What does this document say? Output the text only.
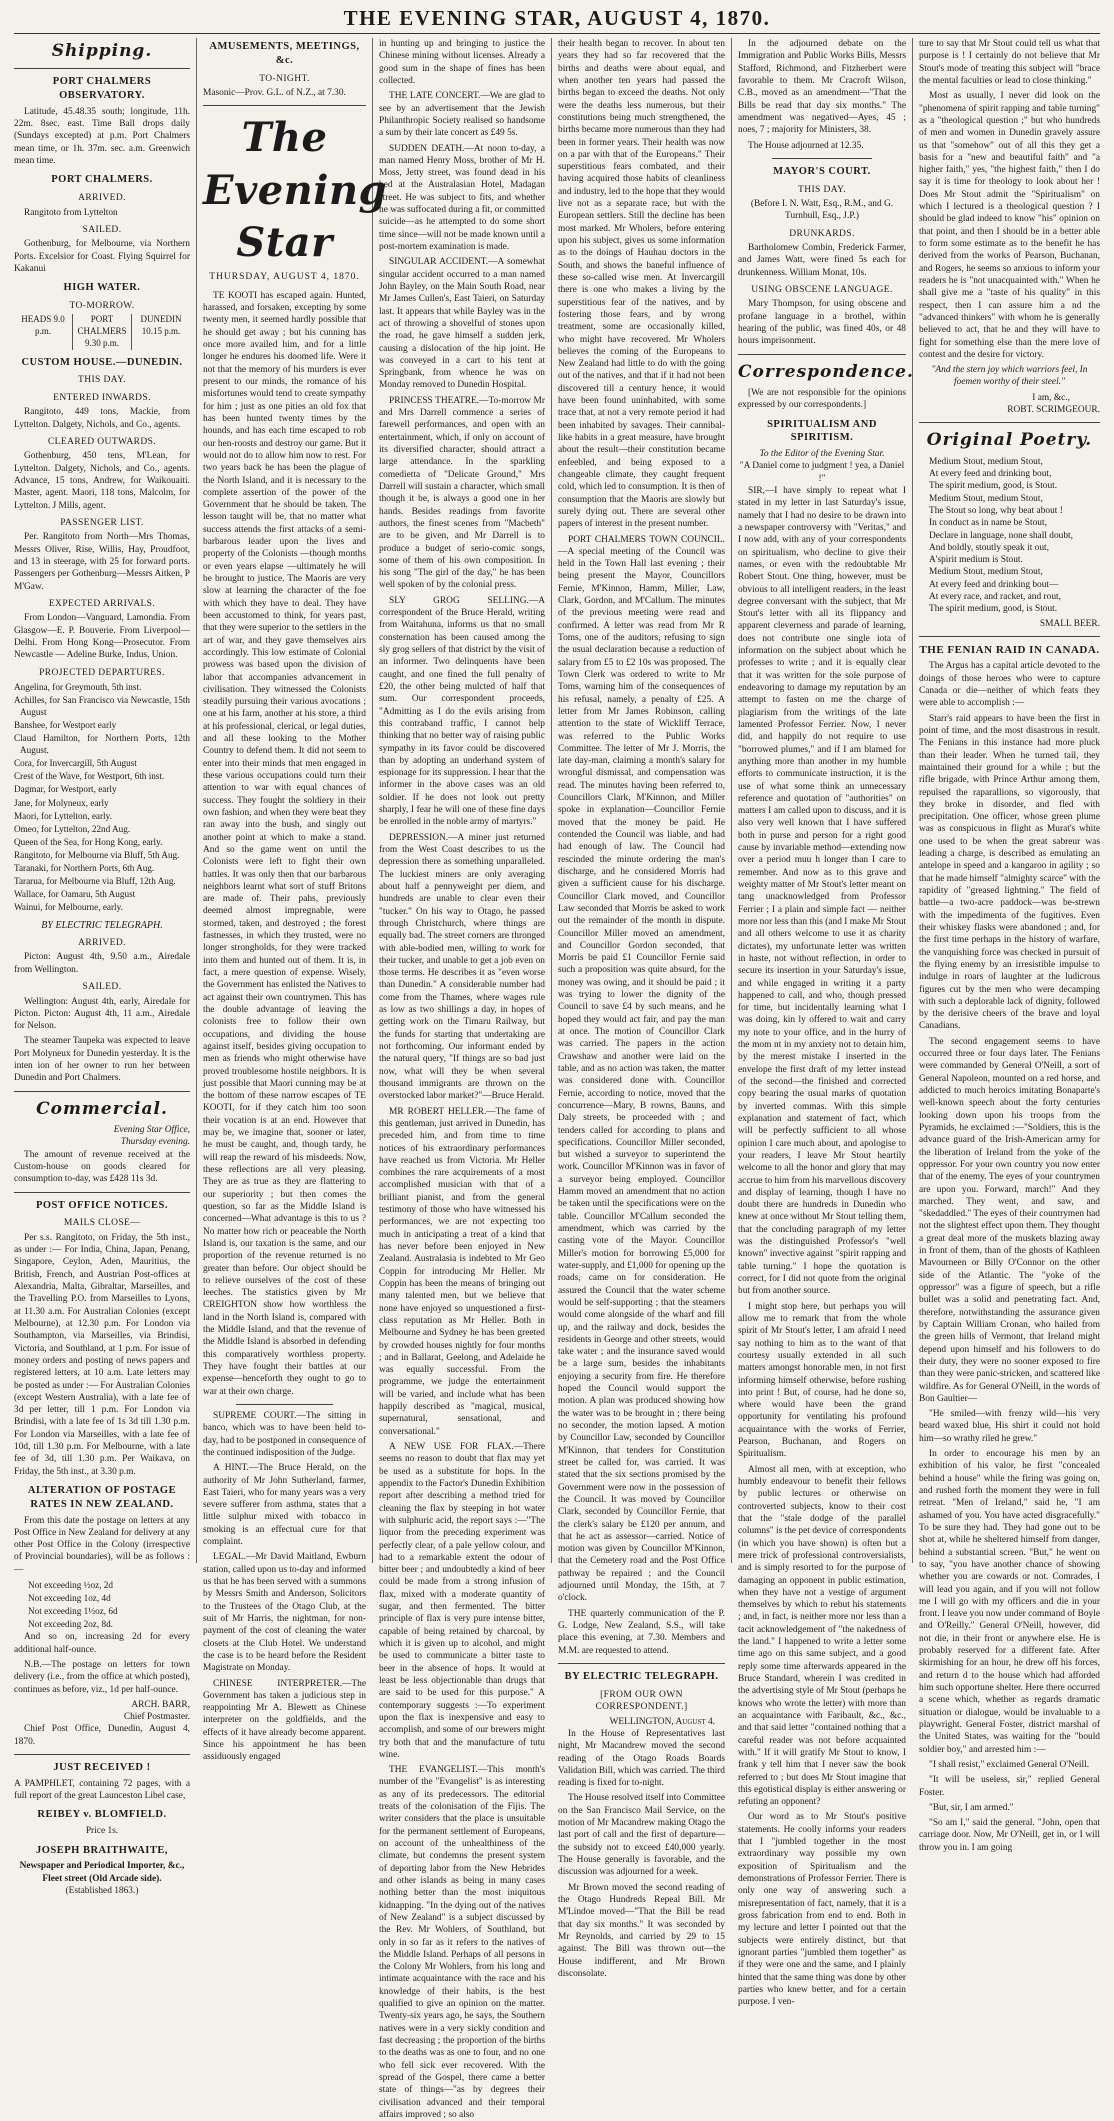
THE EVENING STAR, AUGUST 4, 1870.
Shipping.
PORT CHALMERS OBSERVATORY.

Latitude, 45.48.35 south; longitude, 11h. 22m. 8sec. east. Time Ball drops daily (Sundays excepted) at p.m. Port Chalmers mean time, or 1h. 37m. sec. a.m. Greenwich mean time.

PORT CHALMERS.
ARRIVED.

Rangitoto from Lyttelton

SAILED.

Gothenburg, for Melbourne, via Northern Ports. Excelsior for Coast. Flying Squirrel for Kakanui

HIGH WATER.
TO-MORROW.
HEADS 9.0 p.m.
PORT CHALMERS 9.30 p.m.
DUNEDIN 10.15 p.m.
CUSTOM HOUSE.—DUNEDIN.
THIS DAY.
ENTERED INWARDS.

Rangitoto, 449 tons, Mackie, from Lyttelton. Dalgety, Nichols, and Co., agents.

CLEARED OUTWARDS.

Gothenburg, 450 tens, M'Lean, for Lyttelton. Dalgety, Nichols, and Co., agents. Advance, 15 tons, Andrew, for Waikouaiti. Master, agent. Maori, 118 tons, Malcolm, for Lyttelton. J Mills, agent.

PASSENGER LIST.

Per. Rangitoto from North—Mrs Thomas, Messrs Oliver, Rise, Willis, Hay, Proudfoot, and 13 in steerage, with 25 for forward ports. Passengers per Gothenburg—Messrs Aitken, P M'Gaw.

EXPECTED ARRIVALS.

From London—Vanguard, Lamondia. From Glasgow—E. P. Bouverie. From Liverpool—Delhi. From Hong Kong—Prosecutor. From Newcastle — Adeline Burke, Indus, Union.

PROJECTED DEPARTURES.
Angelina, for Greymouth, 5th inst.
Achilles, for San Francisco via Newcastle, 15th August
Banshee, for Westport early
Claud Hamilton, for Northern Ports, 12th August.
Cora, for Invercargill, 5th August
Crest of the Wave, for Westport, 6th inst.
Dagmar, for Westport, early
Jane, for Molyneux, early
Maori, for Lyttelton, early.
Omeo, for Lyttelton, 22nd Aug.
Queen of the Sea, for Hong Kong, early.
Rangitoto, for Melbourne via Bluff, 5th Aug.
Taranaki, for Northern Ports, 6th Aug.
Tararua, for Melbourne via Bluff, 12th Aug.
Wallace, for Oamaru, 5th August
Wainui, for Melbourne, early.
BY ELECTRIC TELEGRAPH.
ARRIVED.

Picton: August 4th, 9.50 a.m., Airedale from Wellington.

SAILED.

Wellington: August 4th, early, Airedale for Picton. Picton: August 4th, 11 a.m., Airedale for Nelson.

The steamer Taupeka was expected to leave Port Molyneux for Dunedin yesterday. It is the inten ion of her owner to run her between Dunedin and Port Chalmers.

Commercial.
Evening Star Office,
Thursday evening.

The amount of revenue received at the Custom-house on goods cleared for consumption to-day, was £428 11s 3d.

POST OFFICE NOTICES.
MAILS CLOSE—

Per s.s. Rangitoto, on Friday, the 5th inst., as under :— For India, China, Japan, Penang, Singapore, Ceylon, Aden, Mauritius, the British, French, and Austrian Post-offices at Alexandria, Malta, Gibraltar, Marseilles, and the Travelling P.O. from Marseilles to Lyons, at 11.30 a.m. For Australian Colonies (except Melbourne), at 12.30 p.m. For London via Southampton, via Marseilles, via Brindisi, Victoria, and Southland, at 1 p.m. For issue of money orders and posting of news papers and registered letters, at 10 a.m. Late letters may be posted as under :— For Australian Colonies (except Western Australia), with a late fee of 3d per letter, till 1 p.m. For London via Brindisi, with a late fee of 1s 3d till 1.30 p.m. For London via Marseilles, with a late fee of 10d, till 1.30 p.m. For Melbourne, with a late fee of 3d, till 1.30 p.m. Per Waikava, on Friday, the 5th inst., at 3.30 p.m.

ALTERATION OF POSTAGE RATES IN NEW ZEALAND.

From this date the postage on letters at any Post Office in New Zealand for delivery at any other Post Office in the Colony (irrespective of Provincial boundaries), will be as follows :—

Not exceeding ½oz, 2d
Not exceeding 1oz, 4d
Not exceeding 1½oz, 6d
Not exceeding 2oz, 8d.

And so on, increasing 2d for every additional half-ounce.

N.B.—The postage on letters for town delivery (i.e., from the office at which posted), continues as before, viz., 1d per half-ounce.

ARCH. BARR,
Chief Postmaster.

Chief Post Office, Dunedin, August 4, 1870.

JUST RECEIVED !

A PAMPHLET, containing 72 pages, with a full report of the great Launceston Libel case,

REIBEY v. BLOMFIELD.
Price 1s.
JOSEPH BRAITHWAITE,
Newspaper and Periodical Importer, &c., Fleet street (Old Arcade side).
(Established 1863.)
AMUSEMENTS, MEETINGS, &c.
TO-NIGHT.

Masonic—Prov. G.L. of N.Z., at 7.30.

The Evening Star
THURSDAY, AUGUST 4, 1870.

TE KOOTI has escaped again. Hunted, harassed, and forsaken, excepting by some twenty men, it seemed hardly possible that he should get away ; but his cunning has once more availed him, and for a little longer he endures his doomed life. Were it not that the memory of his murders is ever present to our minds, the romance of his misfortunes would tend to create sympathy for him ; just as one pities an old fox that has been hunted twenty times by the hounds, and has each time escaped to rob our hen-roosts and destroy our game. But it would not do to allow him now to rest. For two years back he has been the plague of the North Island, and it is necessary to the complete assertion of the power of the Government that he should be taken. The lesson taught will be, that no matter what success attends the first attacks of a semi-barbarous leader upon the lives and property of the Colonists —though months or even years elapse —ultimately he will be brought to justice. The Maoris are very slow at learning the character of the foe with which they have to deal. They have been accustomed to think, for years past, that they were superior to the settlers in the art of war, and they gave themselves airs accordingly. This low estimate of Colonial prowess was based upon the division of labor that accompanies advancement in civilisation. They witnessed the Colonists steadily pursuing their various avocations ; one at his farm, another at his store, a third at his professional, clerical, or legal duties, and all these looking to the Mother Country to defend them. It did not seem to enter into their minds that men engaged in these various occupations could turn their attention to war with equal chances of success. They fought the soldiery in their own fashion, and when they were beat they ran away into the bush, and singly out another point at which to make a stand. And so the game went on until the Colonists were left to fight their own battles. It was only then that our barbarous neighbors learnt what sort of stuff Britons are made of. Their pahs, previously deemed almost impregnable, were stormed, taken, and destroyed ; the forest fastnesses, in which they trusted, were no longer strongholds, for they were tracked into them and hunted out of them. It is, in fact, a mere question of expense. Wisely, the Government has enlisted the Natives to act against their own countrymen. This has the double advantage of leaving the colonists free to follow their own occupations, and dividing the house against itself, besides giving occupation to men as friends who might otherwise have proved troublesome hostile neighbors. It is just possible that Maori cunning may be at the bottom of these narrow escapes of TE KOOTI, for if they catch him too soon their vocation is at an end. However that may be, we imagine that, sooner or later, he must be caught, and, though tardy, he will reap the reward of his misdeeds. Now, these reflections are all very pleasing. They are as true as they are flattering to our superiority ; but then comes the question, so far as the Middle Island is concerned—What advantage is this to us ? No matter how rich or peaceable the North Island is, our taxation is the same, and our proportion of the revenue returned is no greater than before. Our object should be to relieve ourselves of the cost of these leeches. The statistics given by Mr CREIGHTON show how worthless the land in the North Island is, compared with the Middle Island, and that the revenue of the Middle Island is absorbed in defending this comparatively worthless property. They have fought their battles at our expense—henceforth they ought to go to war at their own charge.

SUPREME COURT.—The sitting in banco, which was to have been held to-day, had to be postponed in consequence of the continued indisposition of the Judge.

A HINT.—The Bruce Herald, on the authority of Mr John Sutherland, farmer, East Taieri, who for many years was a very severe sufferer from asthma, states that a little sulphur mixed with tobacco in smoking is an effectual cure for that complaint.

LEGAL.—Mr David Maitland, Ewburn station, called upon us to-day and informed us that he has been served with a summons by Messrs Smith and Anderson, Solicitors to the Trustees of the Otago Club, at the suit of Mr Harris, the nightman, for non-payment of the cost of cleaning the water closets at the Club Hotel. We understand the case is to be heard before the Resident Magistrate on Monday.

CHINESE INTERPRETER.—The Government has taken a judicious step in reappointing Mr A. Blewett as Chinese interpreter on the goldfields, and the effects of it have already become apparent. Since his appointment he has been assiduously engaged

in hunting up and bringing to justice the Chinese mining without licenses. Already a good sum in the shape of fines has been collected.

THE LATE CONCERT.—We are glad to see by an advertisement that the Jewish Philanthropic Society realised so handsome a sum by their late concert as £49 5s.

SUDDEN DEATH.—At noon to-day, a man named Henry Moss, brother of Mr H. Moss, Jetty street, was found dead in his bed at the Australasian Hotel, Madagan street. He was subject to fits, and whether he was suffocated during a fit, or committed suicide—as he attempted to do some short time since—will not be made known until a post-mortem examination is made.

SINGULAR ACCIDENT.—A somewhat singular accident occurred to a man named John Bayley, on the Main South Road, near Mr James Cullen's, East Taieri, on Saturday last. It appears that while Bayley was in the act of throwing a shovelful of stones upon the road, he gave himself a sudden jerk, causing a dislocation of the hip joint. He was conveyed in a cart to his tent at Springbank, from whence he was on Monday removed to Dunedin Hospital.

PRINCESS THEATRE.—To-morrow Mr and Mrs Darrell commence a series of farewell performances, and open with an entertainment, which, if only on account of its diversified character, should attract a large attendance. In the sparkling comedietta of "Delicate Ground," Mrs Darrell will sustain a character, which small though it be, is always a good one in her hands. Besides readings from favorite authors, the finest scenes from "Macbeth" are to be given, and Mr Darrell is to produce a budget of serio-comic songs, some of them of his own composition. In his song "The girl of the day," he has been well spoken of by the colonial press.

SLY GROG SELLING.—A correspondent of the Bruce Herald, writing from Waitahuna, informs us that no small consternation has been caused among the sly grog sellers of that district by the visit of an informer. Two delinquents have been caught, and one fined the full penalty of £20, the other being mulcted of half that sum. Our correspondent proceeds, "Admitting as I do the evils arising from this contraband traffic, I cannot help thinking that no better way of raising public sympathy in its favor could be discovered than by adopting an underhand system of espionage for its suppression. I hear that the informer in the above cases was an old soldier. If he does not look out pretty sharply, I fear he will one of these fine days be enrolled in the noble army of martyrs."

DEPRESSION.—A miner just returned from the West Coast describes to us the depression there as something unparalleled. The luckiest miners are only averaging about half a pennyweight per diem, and hundreds are unable to clear even their "tucker." On his way to Otago, he passed through Christchurch, where things are equally bad. The street corners are thronged with able-bodied men, willing to work for their tucker, and unable to get a job even on those terms. He describes it as "even worse than Dunedin." A considerable number had come from the Thames, where wages rule as low as two shillings a day, in hopes of getting work on the Timaru Railway, but the funds for starting that undertaking are not forthcoming. Our informant ended by the natural query, "If things are so bad just now, what will they be when several thousand immigrants are thrown on the overstocked labor market?"—Bruce Herald.

MR ROBERT HELLER.—The fame of this gentleman, just arrived in Dunedin, has preceded him, and from time to time notices of his extraordinary performances have reached us from Victoria. Mr Heller combines the rare acquirements of a most accomplished musician with that of a brilliant pianist, and from the general testimony of those who have witnessed his performances, we are not expecting too much in anticipating a treat of a kind that has never before been enjoyed in New Zealand. Australasia is indebted to Mr Geo Coppin for introducing Mr Heller. Mr Coppin has been the means of bringing out many talented men, but we believe that none have enjoyed so unquestioned a first-class reputation as Mr Heller. Both in Melbourne and Sydney he has been greeted by crowded houses nightly for four months ; and in Ballarat, Geelong, and Adelaide he was equally successful. From the programme, we judge the entertainment will be varied, and include what has been happily described as "magical, musical, supernatural, sensational, and conversational."

A NEW USE FOR FLAX.—There seems no reason to doubt that flax may yet be used as a substitute for hops. In the appendix to the Factor's Dunedin Exhibition report after describing a method tried for cleaning the flax by steeping in hot water with sulphuric acid, the report says :—"The liquor from the preceding experiment was perfectly clear, of a pale yellow colour, and had to a remarkable extent the odour of bitter beer ; and undoubtedly a kind of beer could be made from a strong infusion of flax, mixed with a moderate quantity of sugar, and then fermented. The bitter principle of flax is very pure intense bitter, capable of being retained by charcoal, by which it is given up to alcohol, and might be used to communicate a bitter taste to beer in the absence of hops. It would at least be less objectionable than drugs that are said to be used for this purpose." A contemporary suggests :—To experiment upon the flax is inexpensive and easy to accomplish, and some of our brewers might try both that and the manufacture of tutu wine.

THE EVANGELIST.—This month's number of the "Evangelist" is as interesting as any of its predecessors. The editorial treats of the colonisation of the Fijis. The writer considers that the place is unsuitable for the permanent settlement of Europeans, on account of the unhealthiness of the climate, but condemns the present system of deporting labor from the New Hebrides and other islands as being in many cases nothing better than the most iniquitous kidnapping. "In the dying out of the natives of New Zealand" is a subject discussed by the Rev. Mr Wohlers, of Southland, but only in so far as it refers to the natives of the Middle Island. Perhaps of all persons in the Colony Mr Wohlers, from his long and intimate acquaintance with the race and his knowledge of their habits, is the best qualified to give an opinion on the matter. Twenty-six years ago, he says, the Southern natives were in a very sickly condition and fast decreasing ; the proportion of the births to the deaths was as one to four, and no one who fell sick ever recovered. With the spread of the Gospel, there came a better state of things—"as by degrees their civilisation advanced and their temporal affairs improved ; so also

their health began to recover. In about ten years they had so far recovered that the births and deaths were about equal, and when another ten years had passed the births began to exceed the deaths. Not only were the deaths less numerous, but their constitutions being much strengthened, the births became more numerous than they had been in former years. Their health was now on a par with that of the Europeans." Their superstitious fears combated, and their having acquired those habits of cleanliness and industry, led to the hope that they would live not as a separate race, but with the European settlers. Still the decline has been most marked. Mr Wholers, before entering upon his subject, gives us some information as to the doings of Hauhau doctors in the South, and shows the baneful influence of these so-called wise men. At Invercargill there is one who makes a living by the superstitious fear of the natives, and by fostering those fears, and by wrong treatment, some are occasionally killed, who might have recovered. Mr Wholers believes the coming of the Europeans to New Zealand had little to do with the going out of the natives, and that if it had not been discovered till a century hence, it would have been found uninhabited, with some trace that, at not a very remote period it had been inhabited by savages. Their cannibal-like habits in a great measure, have brought about the result—their constitution became enfeebled, and being exposed to a changeable climate, they caught frequent cold, which led to consumption. It is then of consumption that the Maoris are slowly but surely dying out. There are several other papers of interest in the present number.

PORT CHALMERS TOWN COUNCIL.—A special meeting of the Council was held in the Town Hall last evening ; their being present the Mayor, Councillors Fernie, M'Kinnon, Hamm, Miller, Law, Clark, Gordon, and M'Callum. The minutes of the previous meeting were read and confirmed. A letter was read from Mr R Toms, one of the auditors, refusing to sign the usual declaration because a reduction of salary from £5 to £2 10s was proposed. The Town Clerk was ordered to write to Mr Toms, warning him of the consequences of his refusal, namely, a penalty of £25. A letter from Mr James Robinson, calling attention to the state of Wickliff Terrace, was referred to the Public Works Committee. The letter of Mr J. Morris, the late day-man, claiming a month's salary for wrongful dismissal, and compensation was read. The minutes having been referred to, Councillors Clark, M'Kinnon, and Miller spoke in explanation—Councillor Fernie moved that the money be paid. He contended the Council was liable, and had had enough of law. The Council had rescinded the minute ordering the man's discharge, and he considered Morris had given a sufficient cause for his discharge. Councillor Clark moved, and Councillor Law seconded that Morris be asked to work out the remainder of the month in dispute. Councillor Miller moved an amendment, and Councillor Gordon seconded, that Morris be paid £1 Councillor Fernie said such a proposition was quite absurd, for the money was owing, and it should be paid ; it was trying to lower the dignity of the Council to save £4 by such means, and he hoped they would act fair, and pay the man at once. The motion of Councillor Clark was carried. The papers in the action Crawshaw and another were laid on the table, and as no action was taken, the matter was considered done with. Councillor Fernie, according to notice, moved that the concurrence—Mary, B rowns, Bauns, and Daly streets, be proceeded with ; and tenders called for according to plans and specifications. Councillor Miller seconded, but wished a surveyor to superintend the work. Councillor M'Kinnon was in favor of a surveyor being employed. Councillor Hamm moved an amendment that no action be taken until the specifications were on the table. Councillor M'Callum seconded the amendment, which was carried by the casting vote of the Mayor. Councillor Miller's motion for borrowing £5,000 for water-supply, and £1,000 for opening up the roads, came on for consideration. He assured the Council that the water scheme would be self-supporting ; that the steamers would come alongside of the wharf and fill up, and the railway and dock, besides the residents in George and other streets, would take water ; and the insurance saved would be a large sum, besides the inhabitants enjoying a security from fire. He therefore hoped the Council would support the motion. A plan was produced showing how the water was to be brought in ; there being no seconder, the motion lapsed. A motion by Councillor Law, seconded by Councillor M'Kinnon, that tenders for Constitution street be called for, was carried. It was stated that the six sections promised by the Government were now in the possession of the Council. It was moved by Councillor Clark, seconded by Councillor Fernie, that the clerk's salary be £120 per annum, and that he act as assessor—carried. Notice of motion was given by Councillor M'Kinnon, that the Cemetery road and the Post Office pathway be repaired ; and the Council adjourned until Monday, the 15th, at 7 o'clock.

THE quarterly communication of the P. G. Lodge, New Zealand, S.S., will take place this evening, at 7.30. Members and M.M. are requested to attend.

BY ELECTRIC TELEGRAPH.
[FROM OUR OWN CORRESPONDENT.]
WELLINGTON, August 4.

In the House of Representatives last night, Mr Macandrew moved the second reading of the Otago Roads Boards Validation Bill, which was carried. The third reading is fixed for to-night.

The House resolved itself into Committee on the San Francisco Mail Service, on the motion of Mr Macandrew making Otago the last port of call and the first of departure—the subsidy not to exceed £40,000 yearly. The House generally is favorable, and the discussion was adjourned for a week.

Mr Brown moved the second reading of the Otago Hundreds Repeal Bill. Mr M'Lindoe moved—"That the Bill be read that day six months." It was seconded by Mr Reynolds, and carried by 29 to 15 against. The Bill was thrown out—the House indifferent, and Mr Brown disconsolate.

In the adjourned debate on the Immigration and Public Works Bills, Messrs Stafford, Richmond, and Fitzherbert were favorable to them. Mr Cracroft Wilson, C.B., moved as an amendment—"That the Bills be read that day six months." The amendment was negatived—Ayes, 45 ; noes, 7 ; majority for Ministers, 38.

The House adjourned at 12.35.

MAYOR'S COURT.
THIS DAY.
(Before I. N. Watt, Esq., R.M., and G. Turnbull, Esq., J.P.)
DRUNKARDS.

Bartholomew Combin, Frederick Farmer, and James Watt, were fined 5s each for drunkenness. William Monat, 10s.

USING OBSCENE LANGUAGE.

Mary Thompson, for using obscene and profane language in a brothel, within hearing of the public, was fined 40s, or 48 hours imprisonment.

Correspondence.

[We are not responsible for the opinions expressed by our correspondents.]

SPIRITUALISM AND SPIRITISM.
To the Editor of the Evening Star.
"A Daniel come to judgment ! yea, a Daniel !"

SIR,—I have simply to repeat what I stated in my letter in last Saturday's issue, namely that I had no desire to be drawn into a newspaper controversy with "Veritas," and I now add, with any of your correspondents on spiritualism, who decline to give their names, or even with the redoubtable Mr Robert Stout. One thing, however, must be obvious to all intelligent readers, in the least degree conversant with the subject, that Mr Stout's letter with all its flippancy and apparent cleverness and parade of learning, does not contribute one single iota of information on the subject about which he professes to write ; and it is equally clear that it was written for the sole purpose of endeavoring to damage my reputation by an attempt to fasten on me the charge of plagiarism from the writings of the late lamented Professor Ferrier. Now, I never did, and happily do not require to use "borrowed plumes," and if I am blamed for anything more than another in my humble efforts to communicate instruction, it is the use of what some think an unnecessary reference and quotation of "authorities" on matters I am called upon to discuss, and it is also very well known that I have suffered both in purse and person for a right good cause by invariable method—extending now over a period muu h longer than I care to remember. And now as to this grave and weighty matter of Mr Stout's letter meant on tang unacknowledged from Professor Ferrier ; I a plain and simple fact — neither more nor less than this (and I make Mr Stout and all others welcome to use it as charity dictates), my unfortunate letter was written in haste, not without reflection, in order to secure its insertion in your Saturday's issue, and while engaged in writing it a party happened to call, and who, though pressed for time, but incidentally learning what I was doing, kin ly offered to wait and carry my note to your office, and in the hurry of the mom nt in my anxiety not to detain him, by the merest mistake I inserted in the envelope the first draft of my letter instead of the second—the finished and corrected copy bearing the usual marks of quotation by inverted commas. With this simple explanation and statement of fact, which will be perfectly sufficient to all whose opinion I care much about, and apologise to your readers, I leave Mr Stout heartily welcome to all the honor and glory that may accrue to him from his marvellous discovery and display of learning, though I have no doubt there are hundreds in Dunedin who knew at once without Mr Stout telling them, that the concluding paragraph of my letter was the distinguished Professor's "well known" invective against "spirit rapping and table turning." I hope the quotation is correct, for I did not quote from the original but from another source.

I might stop here, but perhaps you will allow me to remark that from the whole spirit of Mr Stout's letter, I am afraid I need say nothing to him as to the want of that courtesy usually extended in all such matters amongst honorable men, in not first informing himself otherwise, before rushing into print ! But, of course, had he done so, where would have been the grand opportunity for ventilating his profound acquaintance with the works of Ferrier, Pearson, Buchanan, and Rogers on Spiritualism.

Almost all men, with at exception, who humbly endeavour to benefit their fellows by public lectures or otherwise on controverted subjects, know to their cost that the "stale dodge of the parallel columns" is the pet device of correspondents (in which you have shown) is often but a mere trick of professional controversialists, and is simply resorted to for the purpose of damaging an opponent in public estimation, when they have not a vestige of argument themselves by which to rebut his statements ; and, in fact, is neither more nor less than a tacit acknowledgement of "the nakedness of the land." I happened to write a letter some time ago on this same subject, and a good reply some time afterwards appeared in the Bruce Standard, wherein I was credited in the advertising style of Mr Stout (perhaps he knows who wrote the letter) with more than an acquaintance with Faribault, &c., &c., and that said letter "contained nothing that a careful reader was not before acquainted with." If it will gratify Mr Stout to know, I frank y tell him that I never saw the book referred to ; but does Mr Stout imagine that this egotistical display is either answering or refuting an opponent?

Our word as to Mr Stout's positive statements. He coolly informs your readers that I "jumbled together in the most extraordinary way possible my own exposition of Spiritualism and the demonstrations of Professor Ferrier. There is only one way of answering such a misrepresentation of fact, namely, that it is a gross fabrication from end to end. Both in my lecture and letter I pointed out that the subjects were entirely distinct, but that ignorant parties "jumbled them together" as if they were one and the same, and I plainly hinted that the same thing was done by other parties who knew better, and for a certain purpose. I ven-

ture to say that Mr Stout could tell us what that purpose is ! I certainly do not believe that Mr Stout's mode of treating this subject will "brace the mental faculties or lead to close thinking."

Most as usually, I never did look on the "phenomena of spirit rapping and table turning" as a "theological question ;" but who hundreds of men and women in Dunedin gravely assure us that "somehow" out of all this they get a basis for a "new and beautiful faith" and "a higher faith," yes, "the highest faith," then I do say it is time for theology to look about her ! Does Mr Stout admit the "Spiritualism" on which I lectured is a theological question ? I should be glad indeed to know "his" opinion on that point, and then I should be in a better able to form some estimate as to the benefit he has derived from the works of Pearson, Buchanan, and Rogers, he seems so anxious to inform your readers he is "not unacquainted with." When he shall give me a "taste of his quality" in this respect, then I can assure him a nd the "advanced thinkers" with whom he is generally believed to act, that he and they will have to fight for something else than the mere love of contest and the desire for victory.

"And the stern joy which warriors feel, In foemen worthy of their steel."

I am, &c.,
ROBT. SCRIMGEOUR.
Original Poetry.
Medium Stout, medium Stout,
At every feed and drinking bout,
The spirit medium, good, is Stout.
Medium Stout, medium Stout,
The Stout so long, why beat about !
In conduct as in name be Stout,
Declare in language, none shall doubt,
And boldly, stoutly speak it out,
A'spirit medium is Stout.
Medium Stout, medium Stout,
At every feed and drinking bout—
At every race, and racket, and rout,
The spirit medium, good, is Stout.
SMALL BEER.
THE FENIAN RAID IN CANADA.

The Argus has a capital article devoted to the doings of those heroes who were to capture Canada or die—neither of which feats they were able to accomplish :—

Starr's raid appears to have been the first in point of time, and the most disastrous in result. The Fenians in this instance had more pluck than their leader. When he turned tail, they maintained their ground for a while ; but the rifle brigade, with Prince Arthur among them, repulsed the raparallions, so vigorously, that they broke in disorder, and fled with precipitation. One officer, whose green plume was as conspicuous in flight as Murat's white one used to be when the great sabreur was leading a charge, is described as emulating an antelope in speed and a kangaroo in agility ; so that he made himself "almighty scarce" with the rapidity of "greased lightning." The field of battle—a two-acre paddock—was be-strewn with the impedimenta of the fugitives. Even their whiskey flasks were abandoned ; and, for the first time perhaps in the history of warfare, the vanquishing force was checked in pursuit of the flying enemy by an irresistible impulse to indulge in roars of laughter at the ludicrous figures cut by the men who were decamping with such a deplorable lack of dignity, followed by the derisive cheers of the brave and loyal Canadians.

The second engagement seems to have occurred three or four days later. The Fenians were commanded by General O'Neill, a sort of General Napoleon, mounted on a red horse, and addicted to much heroics imitating Bonaparte's well-known speech about the forty centuries looking down upon his troops from the Pyramids, he exclaimed :—"Soldiers, this is the advance guard of the Irish-American army for the liberation of Ireland from the yoke of the oppressor. For your own country you now enter that of the enemy. The eyes of your countrymen are upon you. Forward, march!" And they marched. They went, and saw, and "skedaddled." The eyes of their countrymen had not the slightest effect upon them. They thought a great deal more of the muskets blazing away in front of them, than of the ghosts of Kathleen Mavourneen or Billy O'Connor on the other side of the Atlantic. The "yoke of the oppressor" was a figure of speech, but a rifle bullet was a solid and penetrating fact. And, therefore, notwithstanding the assurance given by Captain William Cronan, who hailed from the green hills of Vermont, that Ireland might depend upon himself and his followers to do their duty, they were no sooner exposed to fire than they were panic-stricken, and scattered like wildfire. As for General O'Neill, in the words of Bon Gaultier—

"He smiled—with frenzy wild—his very beard waxed blue, His shirt it could not hold him—so wrathy riled he grew."

In order to encourage his men by an exhibition of his valor, he first "concealed behind a house" while the firing was going on, and rushed forth the moment they were in full retreat. "Men of Ireland," said he, "I am ashamed of you. You have acted disgracefully." To be sure they had. They had gone out to be shot at, while he sheltered himself from danger, behind a substantial screen. "But," he went on to say, "you have another chance of showing whether you are cowards or not. Comrades, I will lead you again, and if you will not follow me I will go with my officers and die in your front. I leave you now under command of Boyle and O'Reilly." General O'Neill, however, did not die, in their front or anywhere else. He is probably reserved for a different fate. After skirmishing for an hour, he drew off his forces, and return d to the house which had afforded him such opportune shelter. Here there occurred a scene which, whether as regards dramatic situation or dialogue, would be invaluable to a playwright. General Foster, district marshal of the United States, was waiting for the "bould soldier boy," and arrested him :—

"I shall resist," exclaimed General O'Neill.

"It will be useless, sir," replied General Foster.

"But, sir, I am armed."

"So am I," said the general. "John, open that carriage door. Now, Mr O'Neill, get in, or I will throw you in. I am going
